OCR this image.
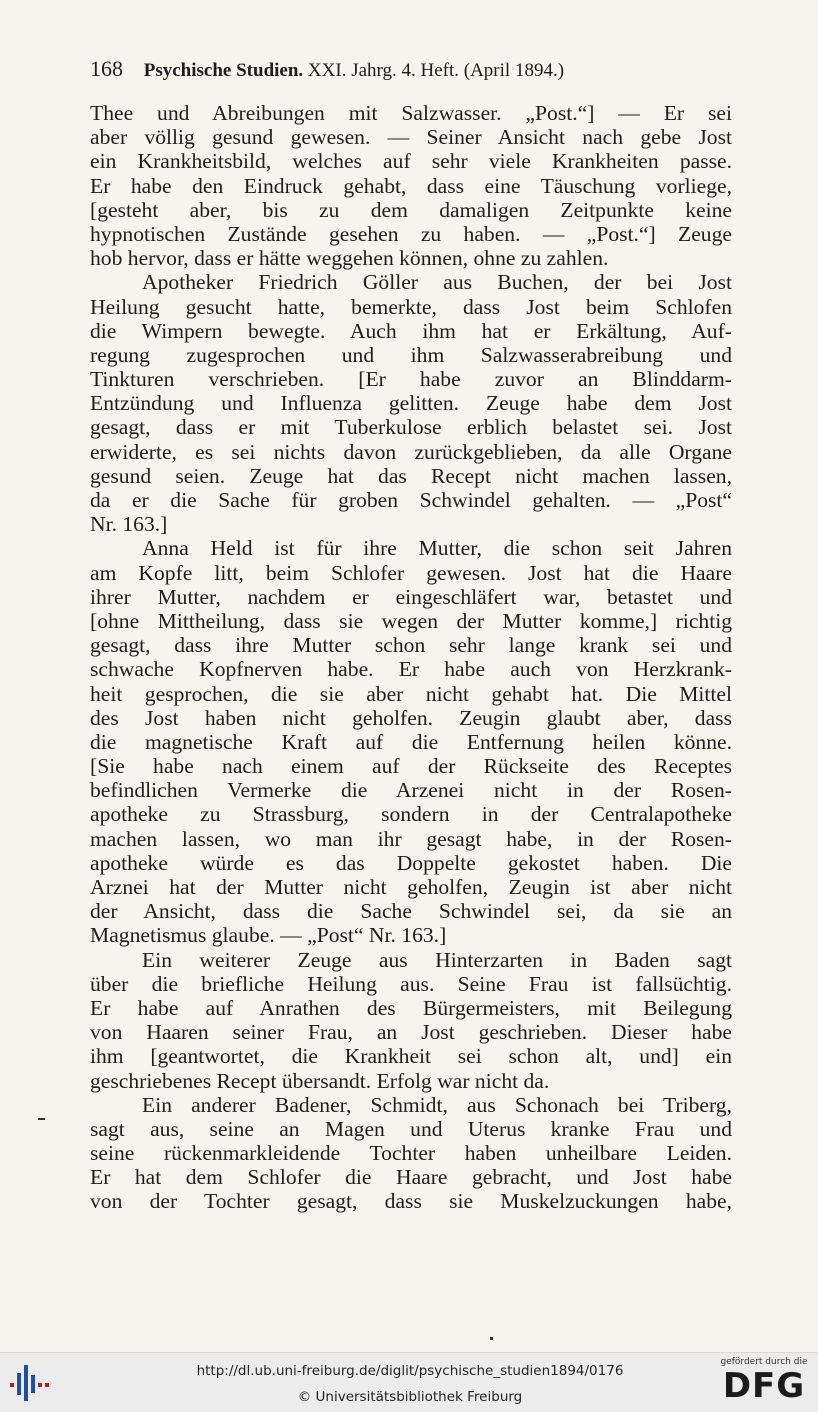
168 Psychische Studien. XXI. Jahrg. 4. Heft. (April 1894.)
Thee und Abreibungen mit Salzwasser. „Post.“] — Er sei
aber völlig gesund gewesen. — Seiner Ansicht nach gebe Jost
ein Krankheitsbild, welches auf sehr viele Krankheiten passe.
Er habe den Eindruck gehabt, dass eine Täuschung vorliege,
[gesteht aber, bis zu dem damaligen Zeitpunkte keine
hypnotischen Zustände gesehen zu haben. — „Post.“] Zeuge
hob hervor, dass er hätte weggehen können, ohne zu zahlen.
Apotheker Friedrich Göller aus Buchen, der bei Jost
Heilung gesucht hatte, bemerkte, dass Jost beim Schlofen
die Wimpern bewegte. Auch ihm hat er Erkältung, Auf-
regung zugesprochen und ihm Salzwasserabreibung und
Tinkturen verschrieben. [Er habe zuvor an Blinddarm-
Entzündung und Influenza gelitten. Zeuge habe dem Jost
gesagt, dass er mit Tuberkulose erblich belastet sei. Jost
erwiderte, es sei nichts davon zurückgeblieben, da alle Organe
gesund seien. Zeuge hat das Recept nicht machen lassen,
da er die Sache für groben Schwindel gehalten. — „Post“
Nr. 163.]
Anna Held ist für ihre Mutter, die schon seit Jahren
am Kopfe litt, beim Schlofer gewesen. Jost hat die Haare
ihrer Mutter, nachdem er eingeschläfert war, betastet und
[ohne Mittheilung, dass sie wegen der Mutter komme,] richtig
gesagt, dass ihre Mutter schon sehr lange krank sei und
schwache Kopfnerven habe. Er habe auch von Herzkrank-
heit gesprochen, die sie aber nicht gehabt hat. Die Mittel
des Jost haben nicht geholfen. Zeugin glaubt aber, dass
die magnetische Kraft auf die Entfernung heilen könne.
[Sie habe nach einem auf der Rückseite des Receptes
befindlichen Vermerke die Arzenei nicht in der Rosen-
apotheke zu Strassburg, sondern in der Centralapotheke
machen lassen, wo man ihr gesagt habe, in der Rosen-
apotheke würde es das Doppelte gekostet haben. Die
Arznei hat der Mutter nicht geholfen, Zeugin ist aber nicht
der Ansicht, dass die Sache Schwindel sei, da sie an
Magnetismus glaube. — „Post“ Nr. 163.]
Ein weiterer Zeuge aus Hinterzarten in Baden sagt
über die briefliche Heilung aus. Seine Frau ist fallsüchtig.
Er habe auf Anrathen des Bürgermeisters, mit Beilegung
von Haaren seiner Frau, an Jost geschrieben. Dieser habe
ihm [geantwortet, die Krankheit sei schon alt, und] ein
geschriebenes Recept übersandt. Erfolg war nicht da.
Ein anderer Badener, Schmidt, aus Schonach bei Triberg,
sagt aus, seine an Magen und Uterus kranke Frau und
seine rückenmarkleidende Tochter haben unheilbare Leiden.
Er hat dem Schlofer die Haare gebracht, und Jost habe
von der Tochter gesagt, dass sie Muskelzuckungen habe,
http://dl.ub.uni-freiburg.de/diglit/psychische_studien1894/0176
© Universitätsbibliothek Freiburg
gefördert durch die
DFG
